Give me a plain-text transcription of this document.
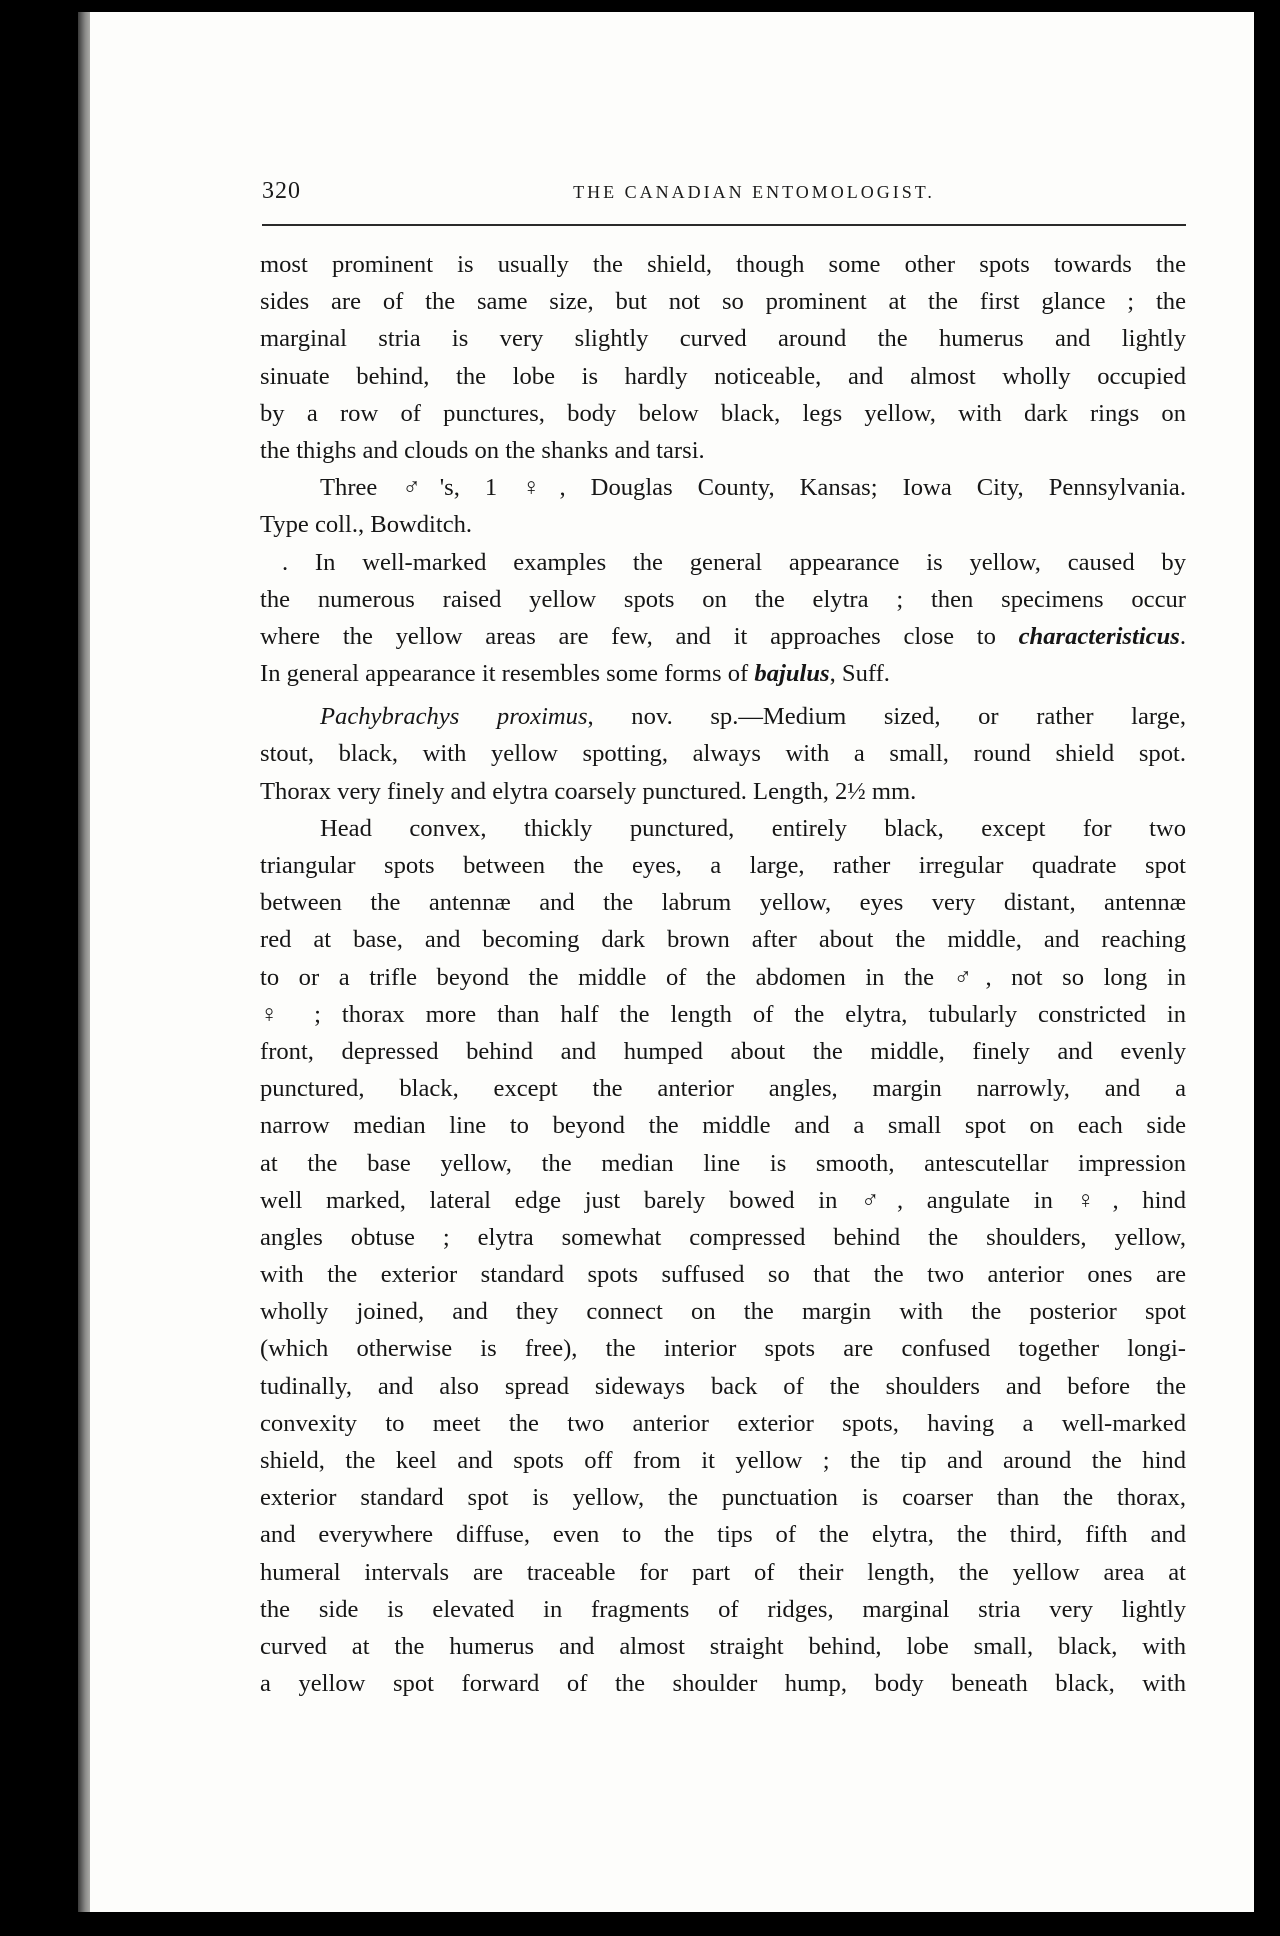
320	THE CANADIAN ENTOMOLOGIST.
most prominent is usually the shield, though some other spots towards the
sides are of the same size, but not so prominent at the first glance ; the
marginal stria is very slightly curved around the humerus and lightly
sinuate behind, the lobe is hardly noticeable, and almost wholly occupied
by a row of punctures, body below black, legs yellow, with dark rings on
the thighs and clouds on the shanks and tarsi.
Three ♂'s, 1 ♀, Douglas County, Kansas; Iowa City, Pennsylvania.
Type coll., Bowditch.
. In well-marked examples the general appearance is yellow, caused by
the numerous raised yellow spots on the elytra ; then specimens occur
where the yellow areas are few, and it approaches close to characteristicus.
In general appearance it resembles some forms of bajulus, Suff.
Pachybrachys proximus, nov. sp.—Medium sized, or rather large,
stout, black, with yellow spotting, always with a small, round shield spot.
Thorax very finely and elytra coarsely punctured. Length, 2½ mm.
Head convex, thickly punctured, entirely black, except for two
triangular spots between the eyes, a large, rather irregular quadrate spot
between the antennæ and the labrum yellow, eyes very distant, antennæ
red at base, and becoming dark brown after about the middle, and reaching
to or a trifle beyond the middle of the abdomen in the ♂, not so long in
♀ ; thorax more than half the length of the elytra, tubularly constricted in
front, depressed behind and humped about the middle, finely and evenly
punctured, black, except the anterior angles, margin narrowly, and a
narrow median line to beyond the middle and a small spot on each side
at the base yellow, the median line is smooth, antescutellar impression
well marked, lateral edge just barely bowed in ♂, angulate in ♀, hind
angles obtuse ; elytra somewhat compressed behind the shoulders, yellow,
with the exterior standard spots suffused so that the two anterior ones are
wholly joined, and they connect on the margin with the posterior spot
(which otherwise is free), the interior spots are confused together longi-
tudinally, and also spread sideways back of the shoulders and before the
convexity to meet the two anterior exterior spots, having a well-marked
shield, the keel and spots off from it yellow ; the tip and around the hind
exterior standard spot is yellow, the punctuation is coarser than the thorax,
and everywhere diffuse, even to the tips of the elytra, the third, fifth and
humeral intervals are traceable for part of their length, the yellow area at
the side is elevated in fragments of ridges, marginal stria very lightly
curved at the humerus and almost straight behind, lobe small, black, with
a yellow spot forward of the shoulder hump, body beneath black, with
